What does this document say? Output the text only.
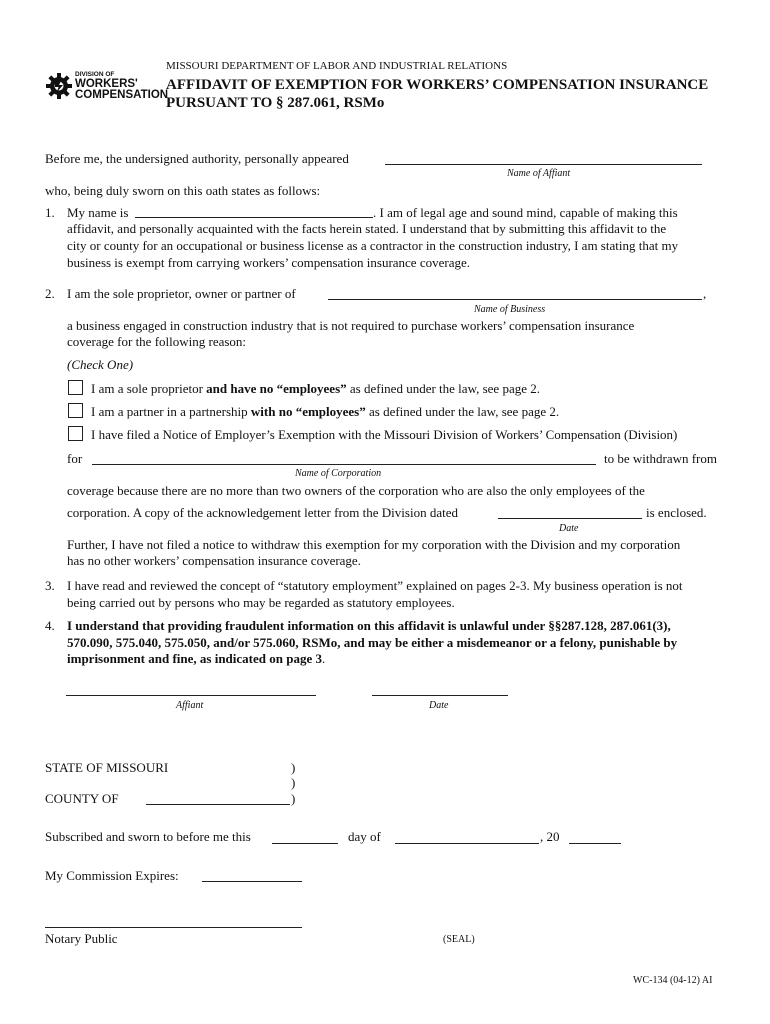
DIVISION OF
WORKERS'
COMPENSATION
MISSOURI DEPARTMENT OF LABOR AND INDUSTRIAL RELATIONS
AFFIDAVIT OF EXEMPTION FOR WORKERS’ COMPENSATION INSURANCE
PURSUANT TO § 287.061, RSMo
Before me, the undersigned authority, personally appeared
Name of Affiant
who, being duly sworn on this oath states as follows:
1. My name is	. I am of legal age and sound mind, capable of making this
affidavit, and personally acquainted with the facts herein stated. I understand that by submitting this affidavit to the
city or county for an occupational or business license as a contractor in the construction industry, I am stating that my
business is exempt from carrying workers’ compensation insurance coverage.
2. I am the sole proprietor, owner or partner of	,
Name of Business
a business engaged in construction industry that is not required to purchase workers’ compensation insurance
coverage for the following reason:
(Check One)
I am a sole proprietor and have no “employees” as defined under the law, see page 2.
I am a partner in a partnership with no “employees” as defined under the law, see page 2.
I have filed a Notice of Employer’s Exemption with the Missouri Division of Workers’ Compensation (Division)
for	to be withdrawn from
Name of Corporation
coverage because there are no more than two owners of the corporation who are also the only employees of the
corporation. A copy of the acknowledgement letter from the Division dated	is enclosed.
Date
Further, I have not filed a notice to withdraw this exemption for my corporation with the Division and my corporation
has no other workers’ compensation insurance coverage.
3. I have read and reviewed the concept of “statutory employment” explained on pages 2-3. My business operation is not
being carried out by persons who may be regarded as statutory employees.
4. I understand that providing fraudulent information on this affidavit is unlawful under §§287.128, 287.061(3),
570.090, 575.040, 575.050, and/or 575.060, RSMo, and may be either a misdemeanor or a felony, punishable by
imprisonment and fine, as indicated on page 3.
Affiant	Date
STATE OF MISSOURI	)
)
COUNTY OF	)
Subscribed and sworn to before me this	day of	, 20
My Commission Expires:
Notary Public	(SEAL)
WC-134 (04-12) AI
